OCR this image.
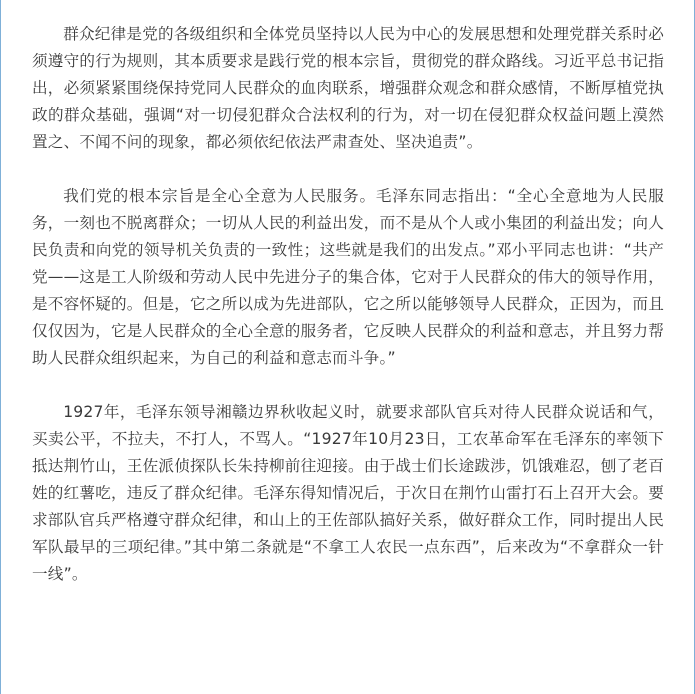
群众纪律是党的各级组织和全体党员坚持以人民为中心的发展思想和处理党群关系时必须遵守的行为规则，其本质要求是践行党的根本宗旨，贯彻党的群众路线。习近平总书记指出，必须紧紧围绕保持党同人民群众的血肉联系，增强群众观念和群众感情，不断厚植党执政的群众基础，强调“对一切侵犯群众合法权利的行为，对一切在侵犯群众权益问题上漠然置之、不闻不问的现象，都必须依纪依法严肃查处、坚决追责”。

我们党的根本宗旨是全心全意为人民服务。毛泽东同志指出：“全心全意地为人民服务，一刻也不脱离群众；一切从人民的利益出发，而不是从个人或小集团的利益出发；向人民负责和向党的领导机关负责的一致性；这些就是我们的出发点。”邓小平同志也讲：“共产党——这是工人阶级和劳动人民中先进分子的集合体，它对于人民群众的伟大的领导作用，是不容怀疑的。但是，它之所以成为先进部队，它之所以能够领导人民群众，正因为，而且仅仅因为，它是人民群众的全心全意的服务者，它反映人民群众的利益和意志，并且努力帮助人民群众组织起来，为自己的利益和意志而斗争。”

1927年，毛泽东领导湘赣边界秋收起义时，就要求部队官兵对待人民群众说话和气，买卖公平，不拉夫，不打人，不骂人。“1927年10月23日，工农革命军在毛泽东的率领下抵达荆竹山，王佐派侦探队长朱持柳前往迎接。由于战士们长途跋涉，饥饿难忍，刨了老百姓的红薯吃，违反了群众纪律。毛泽东得知情况后，于次日在荆竹山雷打石上召开大会。要求部队官兵严格遵守群众纪律，和山上的王佐部队搞好关系，做好群众工作，同时提出人民军队最早的三项纪律。”其中第二条就是“不拿工人农民一点东西”，后来改为“不拿群众一针一线”。
